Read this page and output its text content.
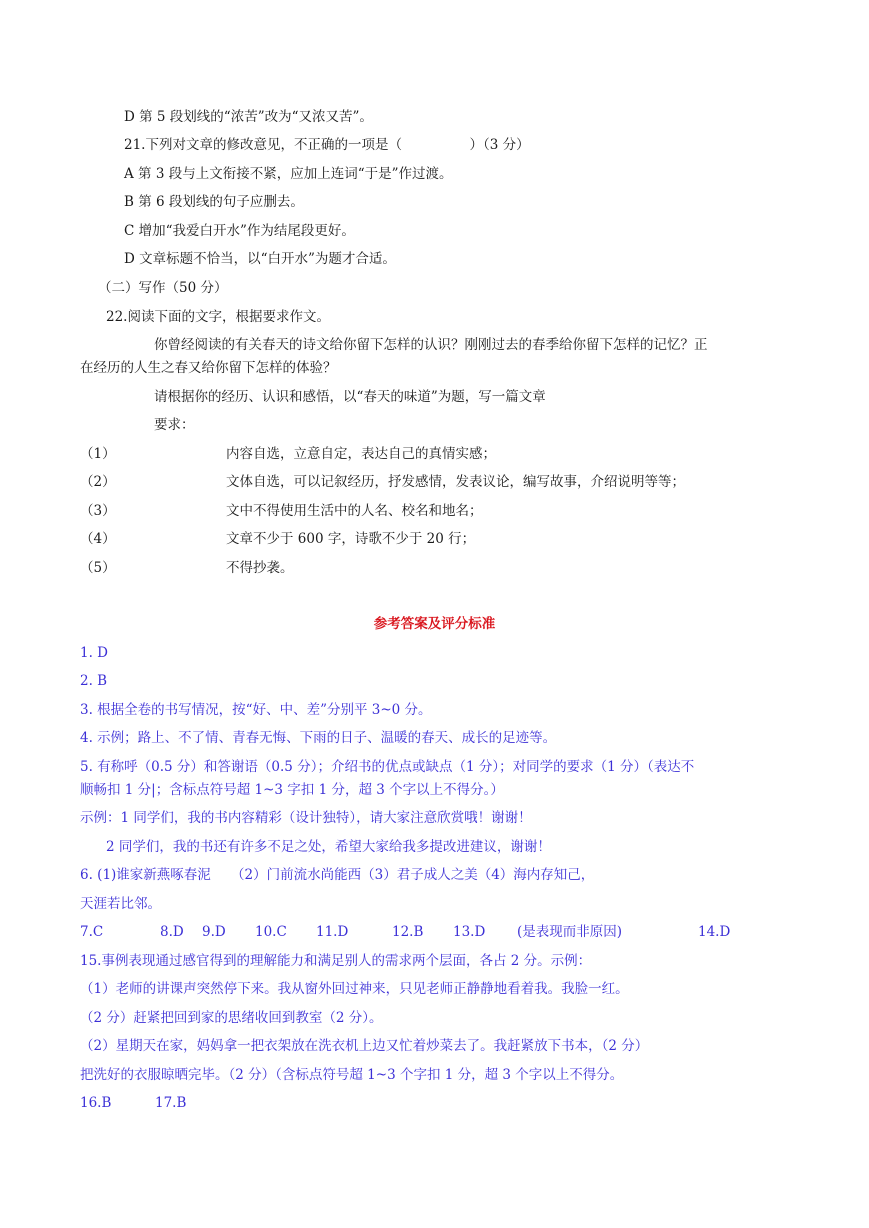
D 第 5 段划线的“浓苦”改为“又浓又苦”。
21.下列对文章的修改意见，不正确的一项是（　　　　　）（3 分）
A 第 3 段与上文衔接不紧，应加上连词“于是”作过渡。
B 第 6 段划线的句子应删去。
C 增加“我爱白开水”作为结尾段更好。
D 文章标题不恰当，以“白开水”为题才合适。
（二）写作（50 分）
22.阅读下面的文字，根据要求作文。
你曾经阅读的有关春天的诗文给你留下怎样的认识？刚刚过去的春季给你留下怎样的记忆？正
在经历的人生之春又给你留下怎样的体验？
请根据你的经历、认识和感悟，以“春天的味道”为题，写一篇文章
要求：
（1）	内容自选，立意自定，表达自己的真情实感；
（2）	文体自选，可以记叙经历，抒发感情，发表议论，编写故事，介绍说明等等；
（3）	文中不得使用生活中的人名、校名和地名；
（4）	文章不少于 600 字，诗歌不少于 20 行；
（5）	不得抄袭。
参考答案及评分标准
1. D
2. B
3. 根据全卷的书写情况，按“好、中、差”分别平 3~0 分。
4. 示例；路上、不了情、青春无悔、下雨的日子、温暖的春天、成长的足迹等。
5. 有称呼（0.5 分）和答谢语（0.5 分）；介绍书的优点或缺点（1 分）；对同学的要求（1 分）（表达不
顺畅扣 1 分|；含标点符号超 1~3 字扣 1 分，超 3 个字以上不得分。）
示例：1 同学们，我的书内容精彩（设计独特），请大家注意欣赏哦！谢谢！
2 同学们，我的书还有许多不足之处，希望大家给我多提改进建议，谢谢！
6. (1)谁家新燕啄春泥　　（2）门前流水尚能西（3）君子成人之美（4）海内存知己，
天涯若比邻。
7.C	8.D 9.D 10.C 11.D	12.B 13.D (是表现而非原因)	14.D
15.事例表现通过感官得到的理解能力和满足别人的需求两个层面，各占 2 分。示例：
（1）老师的讲课声突然停下来。我从窗外回过神来，只见老师正静静地看着我。我脸一红。
（2 分）赶紧把回到家的思绪收回到教室（2 分）。
（2）星期天在家，妈妈拿一把衣架放在洗衣机上边又忙着炒菜去了。我赶紧放下书本，（2 分）
把洗好的衣服晾晒完毕。（2 分）（含标点符号超 1~3 个字扣 1 分，超 3 个字以上不得分。
16.B	17.B
